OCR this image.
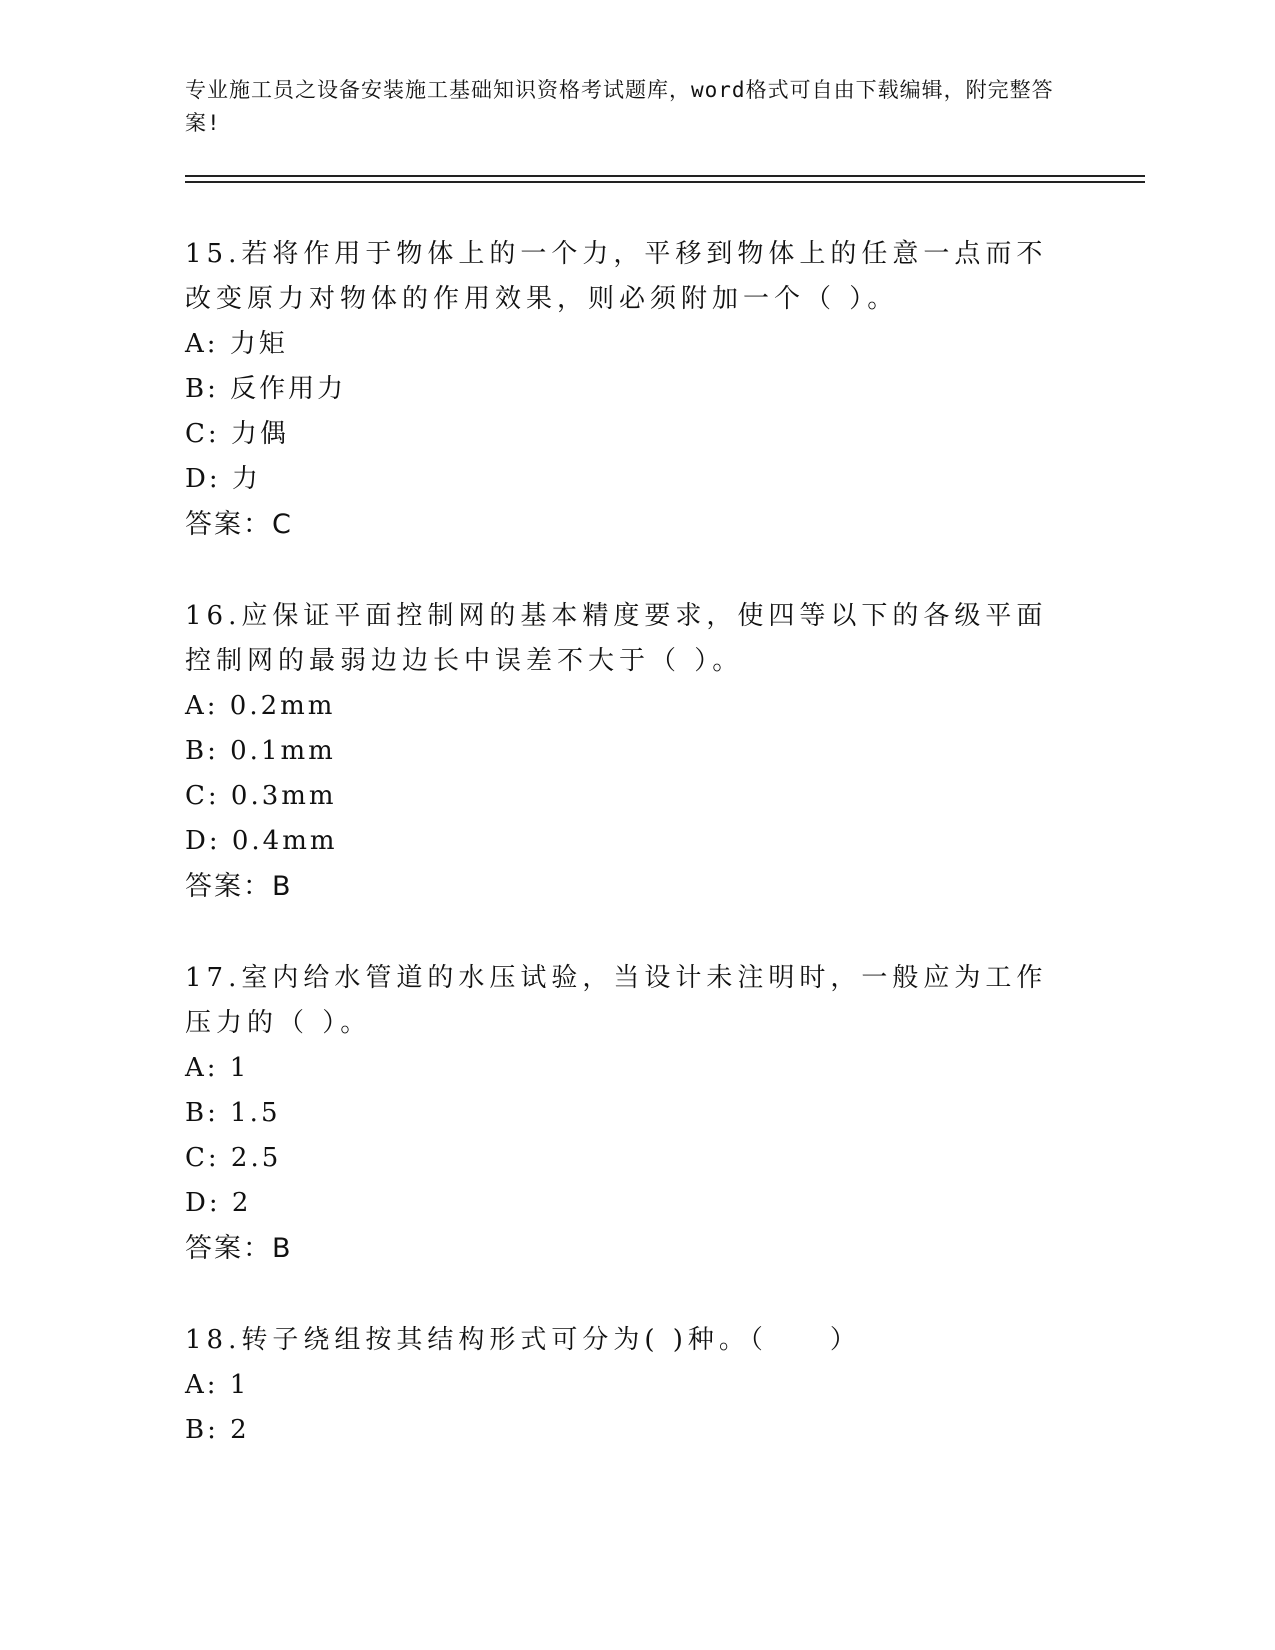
专业施工员之设备安装施工基础知识资格考试题库，word格式可自由下载编辑，附完整答案!

15.若将作用于物体上的一个力，平移到物体上的任意一点而不改变原力对物体的作用效果，则必须附加一个（ ）。

A: 力矩

B: 反作用力

C: 力偶

D: 力

答案：C

16.应保证平面控制网的基本精度要求，使四等以下的各级平面控制网的最弱边边长中误差不大于（ ）。

A: 0.2mm

B: 0.1mm

C: 0.3mm

D: 0.4mm

答案：B

17.室内给水管道的水压试验，当设计未注明时，一般应为工作压力的（ ）。

A: 1

B: 1.5

C: 2.5

D: 2

答案：B

18.转子绕组按其结构形式可分为( )种。（　　）

A: 1

B: 2
